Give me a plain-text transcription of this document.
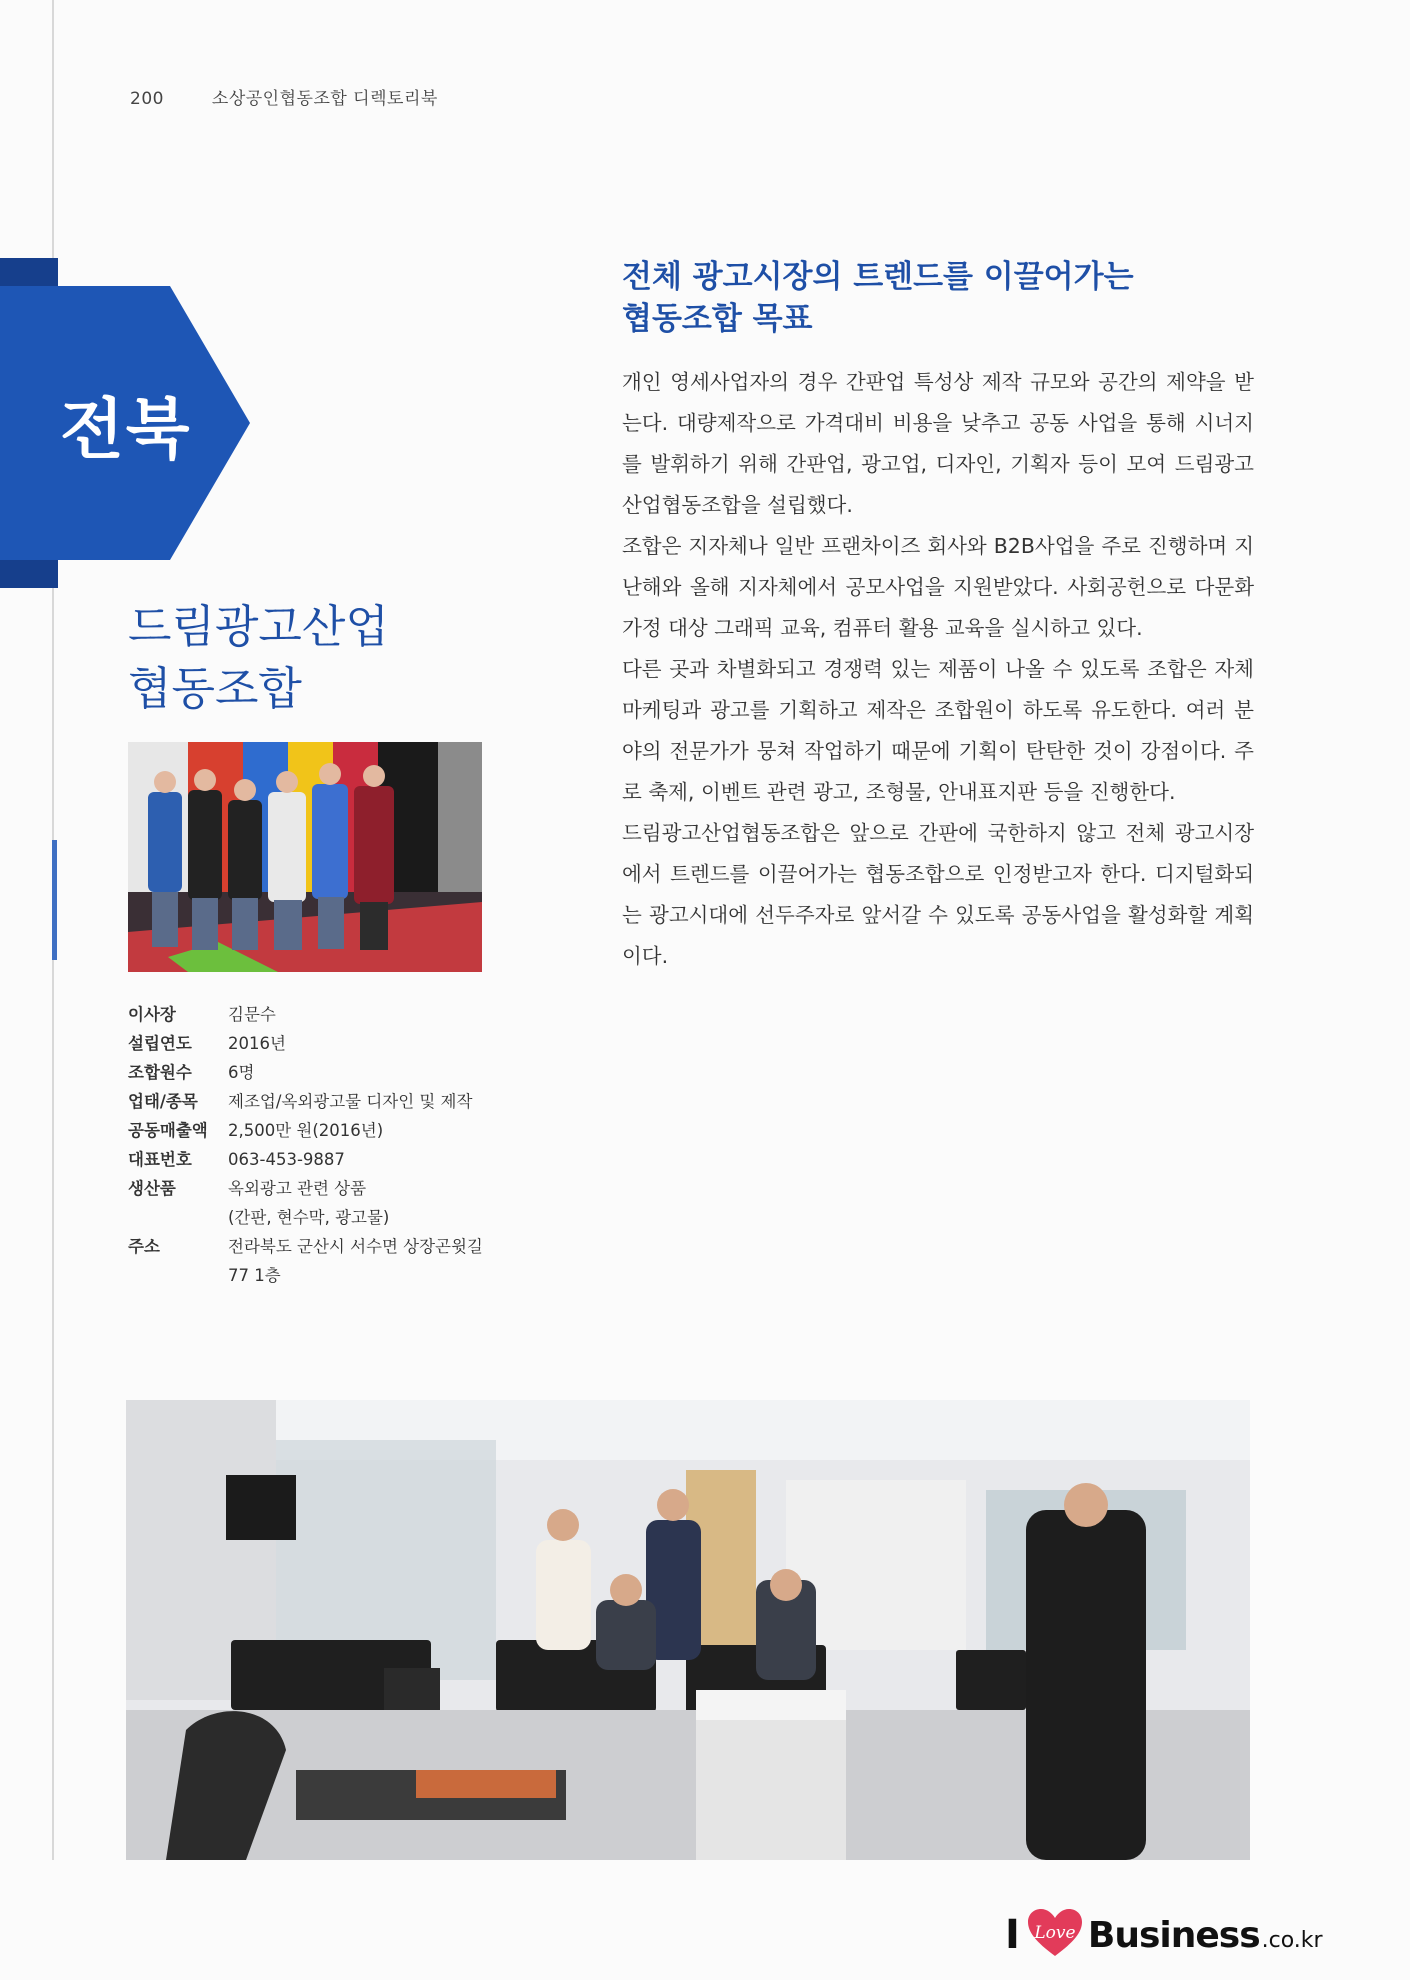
200	소상공인협동조합 디렉토리북
전북
드림광고산업
협동조합
이사장	김문수
설립연도	2016년
조합원수	6명
업태/종목	제조업/옥외광고물 디자인 및 제작
공동매출액	2,500만 원(2016년)
대표번호	063-453-9887
생산품	옥외광고 관련 상품
(간판, 현수막, 광고물)
주소	전라북도 군산시 서수면 상장곤윗길
77 1층
전체 광고시장의 트렌드를 이끌어가는
협동조합 목표

개인 영세사업자의 경우 간판업 특성상 제작 규모와 공간의 제약을 받는다. 대량제작으로 가격대비 비용을 낮추고 공동 사업을 통해 시너지를 발휘하기 위해 간판업, 광고업, 디자인, 기획자 등이 모여 드림광고산업협동조합을 설립했다.

조합은 지자체나 일반 프랜차이즈 회사와 B2B사업을 주로 진행하며 지난해와 올해 지자체에서 공모사업을 지원받았다. 사회공헌으로 다문화가정 대상 그래픽 교육, 컴퓨터 활용 교육을 실시하고 있다.

다른 곳과 차별화되고 경쟁력 있는 제품이 나올 수 있도록 조합은 자체 마케팅과 광고를 기획하고 제작은 조합원이 하도록 유도한다. 여러 분야의 전문가가 뭉쳐 작업하기 때문에 기획이 탄탄한 것이 강점이다. 주로 축제, 이벤트 관련 광고, 조형물, 안내표지판 등을 진행한다.

드림광고산업협동조합은 앞으로 간판에 국한하지 않고 전체 광고시장에서 트렌드를 이끌어가는 협동조합으로 인정받고자 한다. 디지털화되는 광고시대에 선두주자로 앞서갈 수 있도록 공동사업을 활성화할 계획이다.

I Love Business .co.kr
